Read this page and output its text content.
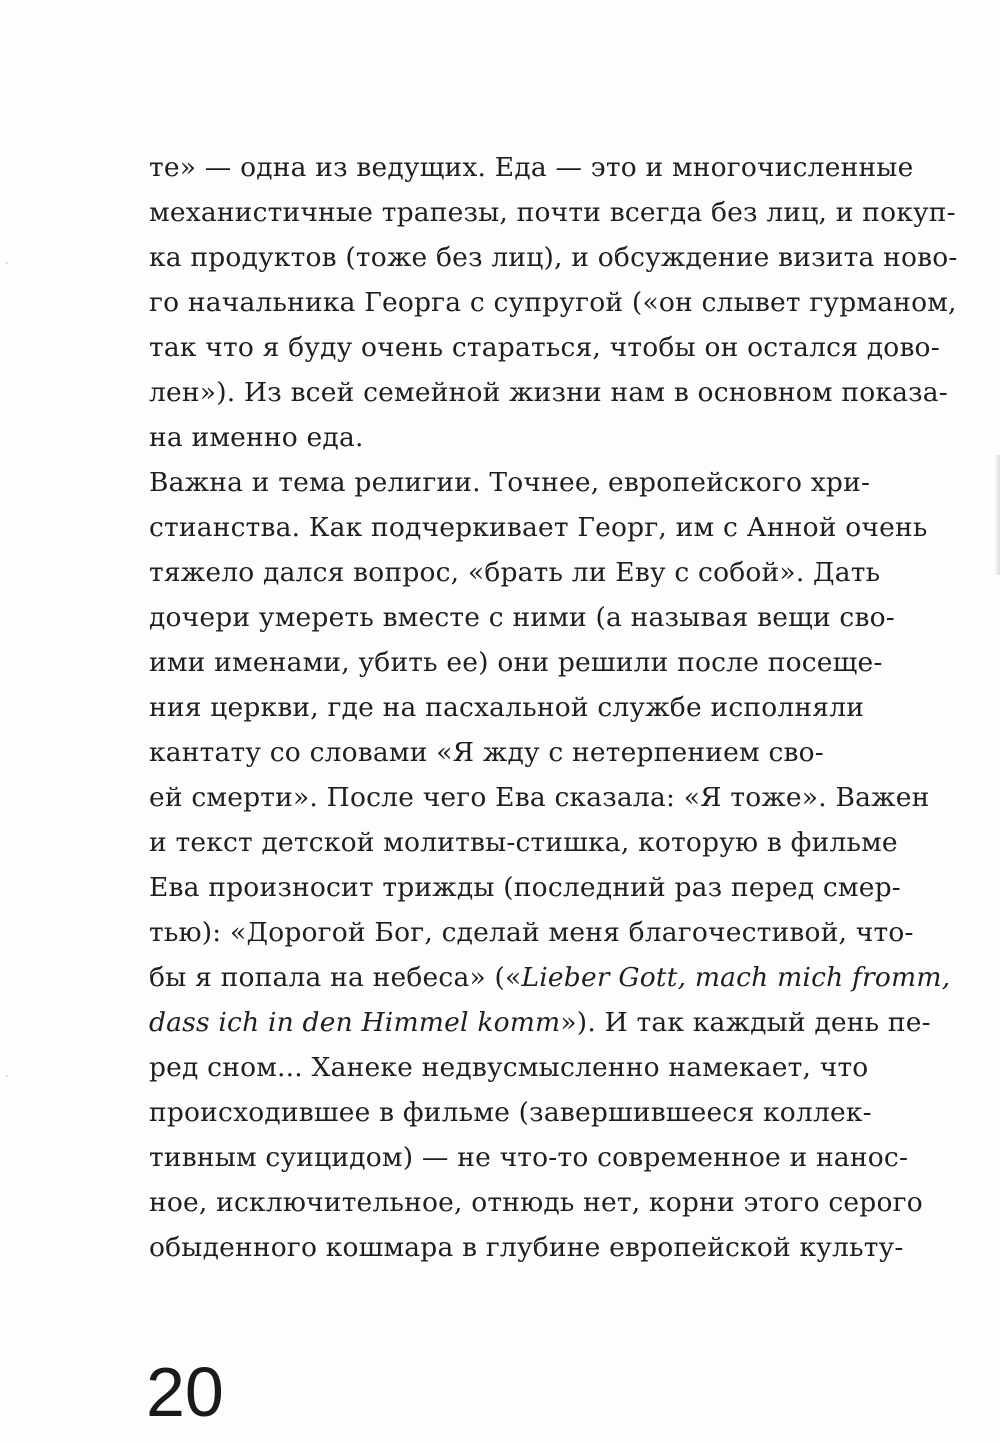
те» — одна из ведущих. Еда — это и многочисленные
механистичные трапезы, почти всегда без лиц, и покуп-
ка продуктов (тоже без лиц), и обсуждение визита ново-
го начальника Георга с супругой («он слывет гурманом,
так что я буду очень стараться, чтобы он остался дово-
лен»). Из всей семейной жизни нам в основном показа-
на именно еда.
Важна и тема религии. Точнее, европейского хри-
стианства. Как подчеркивает Георг, им с Анной очень
тяжело дался вопрос, «брать ли Еву с собой». Дать
дочери умереть вместе с ними (а называя вещи сво-
ими именами, убить ее) они решили после посеще-
ния церкви, где на пасхальной службе исполняли
кантату со словами «Я жду с нетерпением сво-
ей смерти». После чего Ева сказала: «Я тоже». Важен
и текст детской молитвы-стишка, которую в фильме
Ева произносит трижды (последний раз перед смер-
тью): «Дорогой Бог, сделай меня благочестивой, что-
бы я попала на небеса» («Lieber Gott, mach mich fromm,
dass ich in den Himmel komm»). И так каждый день пе-
ред сном... Ханеке недвусмысленно намекает, что
происходившее в фильме (завершившееся коллек-
тивным суицидом) — не что-то современное и нанос-
ное, исключительное, отнюдь нет, корни этого серого
обыденного кошмара в глубине европейской культу-
20
